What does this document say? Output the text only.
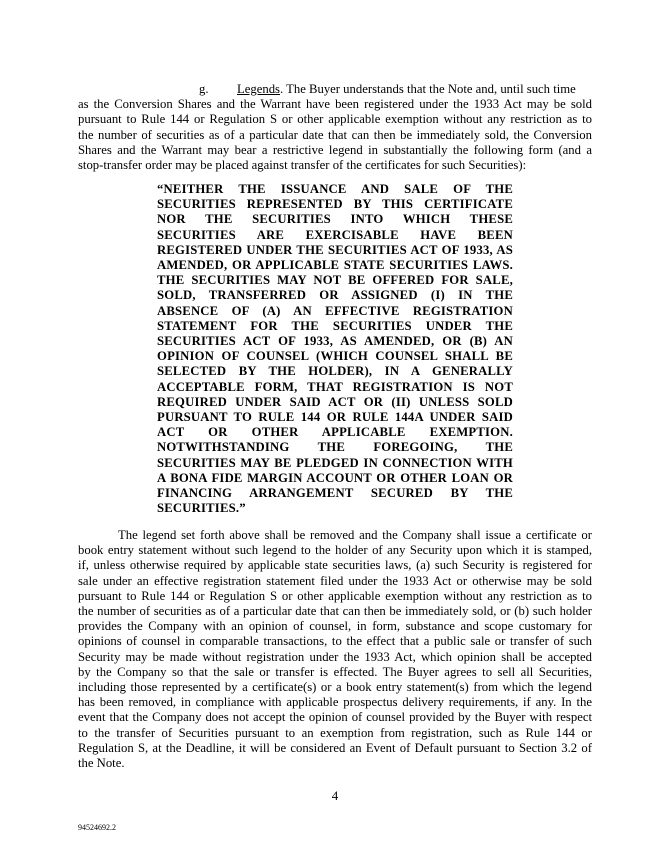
g. Legends. The Buyer understands that the Note and, until such time
as the Conversion Shares and the Warrant have been registered under the 1933 Act may be sold
pursuant to Rule 144 or Regulation S or other applicable exemption without any restriction as to
the number of securities as of a particular date that can then be immediately sold, the Conversion
Shares and the Warrant may bear a restrictive legend in substantially the following form (and a
stop-transfer order may be placed against transfer of the certificates for such Securities):
“NEITHER THE ISSUANCE AND SALE OF THE
SECURITIES REPRESENTED BY THIS CERTIFICATE
NOR THE SECURITIES INTO WHICH THESE
SECURITIES ARE EXERCISABLE HAVE BEEN
REGISTERED UNDER THE SECURITIES ACT OF 1933, AS
AMENDED, OR APPLICABLE STATE SECURITIES LAWS.
THE SECURITIES MAY NOT BE OFFERED FOR SALE,
SOLD, TRANSFERRED OR ASSIGNED (I) IN THE
ABSENCE OF (A) AN EFFECTIVE REGISTRATION
STATEMENT FOR THE SECURITIES UNDER THE
SECURITIES ACT OF 1933, AS AMENDED, OR (B) AN
OPINION OF COUNSEL (WHICH COUNSEL SHALL BE
SELECTED BY THE HOLDER), IN A GENERALLY
ACCEPTABLE FORM, THAT REGISTRATION IS NOT
REQUIRED UNDER SAID ACT OR (II) UNLESS SOLD
PURSUANT TO RULE 144 OR RULE 144A UNDER SAID
ACT OR OTHER APPLICABLE EXEMPTION.
NOTWITHSTANDING THE FOREGOING, THE
SECURITIES MAY BE PLEDGED IN CONNECTION WITH
A BONA FIDE MARGIN ACCOUNT OR OTHER LOAN OR
FINANCING ARRANGEMENT SECURED BY THE
SECURITIES.”
The legend set forth above shall be removed and the Company shall issue a certificate or
book entry statement without such legend to the holder of any Security upon which it is stamped,
if, unless otherwise required by applicable state securities laws, (a) such Security is registered for
sale under an effective registration statement filed under the 1933 Act or otherwise may be sold
pursuant to Rule 144 or Regulation S or other applicable exemption without any restriction as to
the number of securities as of a particular date that can then be immediately sold, or (b) such holder
provides the Company with an opinion of counsel, in form, substance and scope customary for
opinions of counsel in comparable transactions, to the effect that a public sale or transfer of such
Security may be made without registration under the 1933 Act, which opinion shall be accepted
by the Company so that the sale or transfer is effected. The Buyer agrees to sell all Securities,
including those represented by a certificate(s) or a book entry statement(s) from which the legend
has been removed, in compliance with applicable prospectus delivery requirements, if any. In the
event that the Company does not accept the opinion of counsel provided by the Buyer with respect
to the transfer of Securities pursuant to an exemption from registration, such as Rule 144 or
Regulation S, at the Deadline, it will be considered an Event of Default pursuant to Section 3.2 of
the Note.
4
94524692.2
